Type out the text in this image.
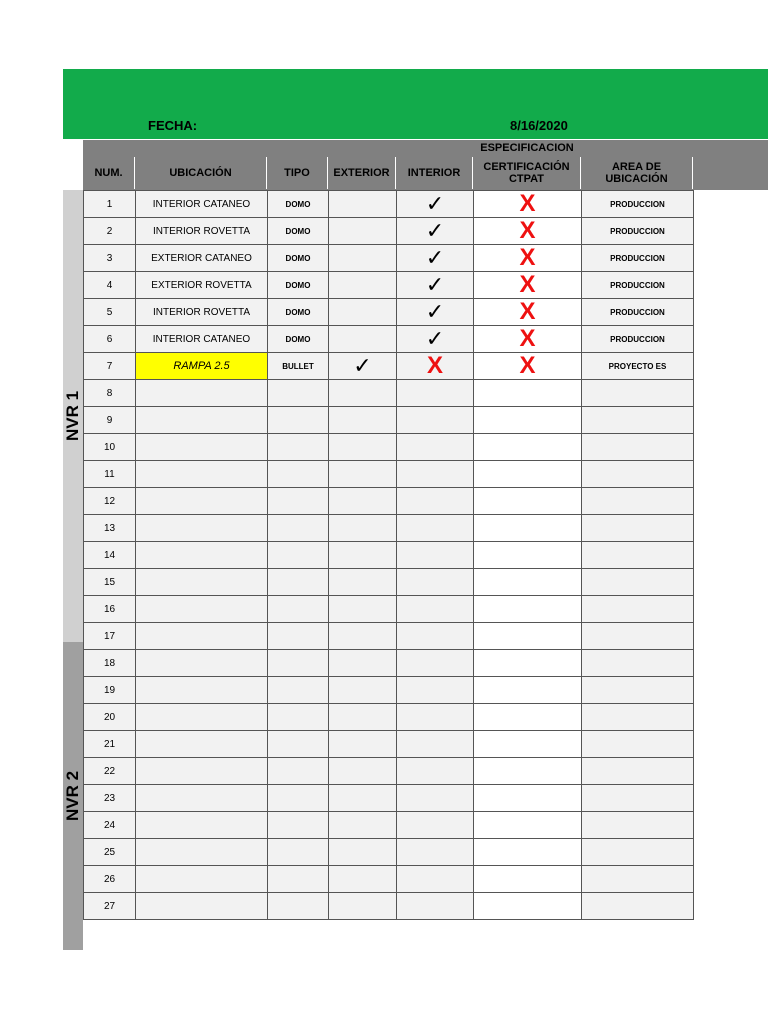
FECHA:	8/16/2020
ESPECIFICACION
NUM.	UBICACIÓN	TIPO	EXTERIOR	INTERIOR	CERTIFICACIÓN
CTPAT
AREA DE
UBICACIÓN
NVR 1
NVR 2
1	INTERIOR CATANEO	DOMO		✓	X	PRODUCCION
2	INTERIOR ROVETTA	DOMO		✓	X	PRODUCCION
3	EXTERIOR CATANEO	DOMO		✓	X	PRODUCCION
4	EXTERIOR ROVETTA	DOMO		✓	X	PRODUCCION
5	INTERIOR ROVETTA	DOMO		✓	X	PRODUCCION
6	INTERIOR CATANEO	DOMO		✓	X	PRODUCCION
7	RAMPA 2.5	BULLET	✓	X	X	PROYECTO ES
8						
9						
10						
11						
12						
13						
14						
15						
16						
17						
18						
19						
20						
21						
22						
23						
24						
25						
26						
27						
